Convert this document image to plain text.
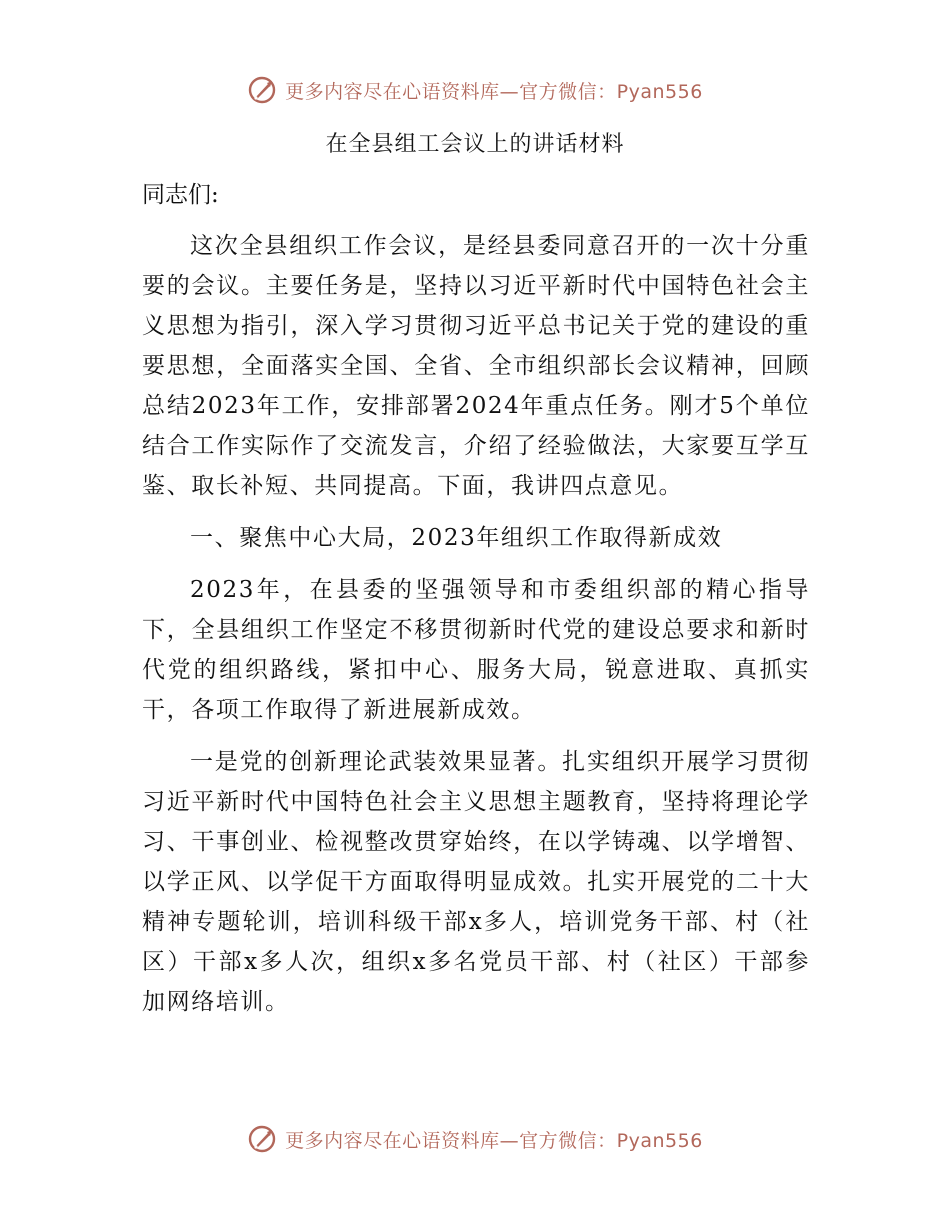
更多内容尽在心语资料库—官方微信：Pyan556
在全县组工会议上的讲话材料
同志们:

这次全县组织工作会议，是经县委同意召开的一次十分重要的会议。主要任务是，坚持以习近平新时代中国特色社会主义思想为指引，深入学习贯彻习近平总书记关于党的建设的重要思想，全面落实全国、全省、全市组织部长会议精神，回顾总结2023年工作，安排部署2024年重点任务。刚才5个单位结合工作实际作了交流发言，介绍了经验做法，大家要互学互鉴、取长补短、共同提高。下面，我讲四点意见。

一、聚焦中心大局，2023年组织工作取得新成效

2023年，在县委的坚强领导和市委组织部的精心指导下，全县组织工作坚定不移贯彻新时代党的建设总要求和新时代党的组织路线，紧扣中心、服务大局，锐意进取、真抓实干，各项工作取得了新进展新成效。

一是党的创新理论武装效果显著。扎实组织开展学习贯彻习近平新时代中国特色社会主义思想主题教育，坚持将理论学习、干事创业、检视整改贯穿始终，在以学铸魂、以学增智、以学正风、以学促干方面取得明显成效。扎实开展党的二十大精神专题轮训，培训科级干部x多人，培训党务干部、村（社区）干部x多人次，组织x多名党员干部、村（社区）干部参加网络培训。

更多内容尽在心语资料库—官方微信：Pyan556
